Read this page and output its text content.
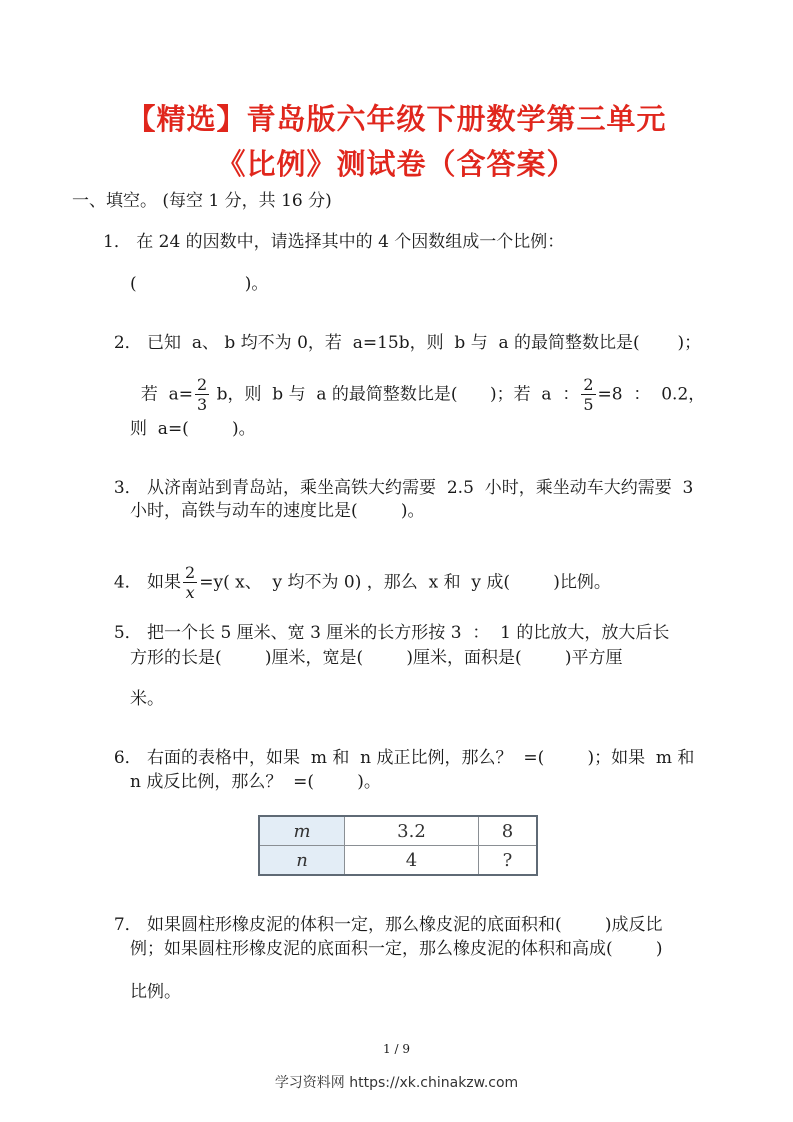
【精选】青岛版六年级下册数学第三单元
《比例》测试卷（含答案）
一、填空。 (每空 1 分，共 16 分)
1． 在 24 的因数中，请选择其中的 4 个因数组成一个比例：
(                    )。

2． 已知  a、 b 均不为 0，若  a=15b，则  b 与  a 的最简整数比是(       )；

若  $a= \frac{2}{3}$ b，则  b 与  a 的最简整数比是(      )；若  a  ： $\frac{2}{5} =8$  ：  0.2，

则  a=(        )。

3． 从济南站到青岛站，乘坐高铁大约需要  2.5  小时，乘坐动车大约需要  3

小时，高铁与动车的速度比是(        )。

4． 如果 $\frac{2}{x} =y$( x、  y 均不为 0) ，那么  x 和  y 成(        )比例。

5． 把一个长 5 厘米、宽 3 厘米的长方形按 3  ：  1 的比放大，放大后长

方形的长是(        )厘米，宽是(        )厘米，面积是(        )平方厘
米。

6． 右面的表格中，如果  m 和  n 成正比例，那么？  =(        )；如果  m 和

n 成反比例，那么？  =(        )。
m	3.2	8
n	4	?

7． 如果圆柱形橡皮泥的体积一定，那么橡皮泥的底面积和(        )成反比

例；如果圆柱形橡皮泥的底面积一定，那么橡皮泥的体积和高成(        )
比例。
1 / 9
学习资料网 https://xk.chinakzw.com
